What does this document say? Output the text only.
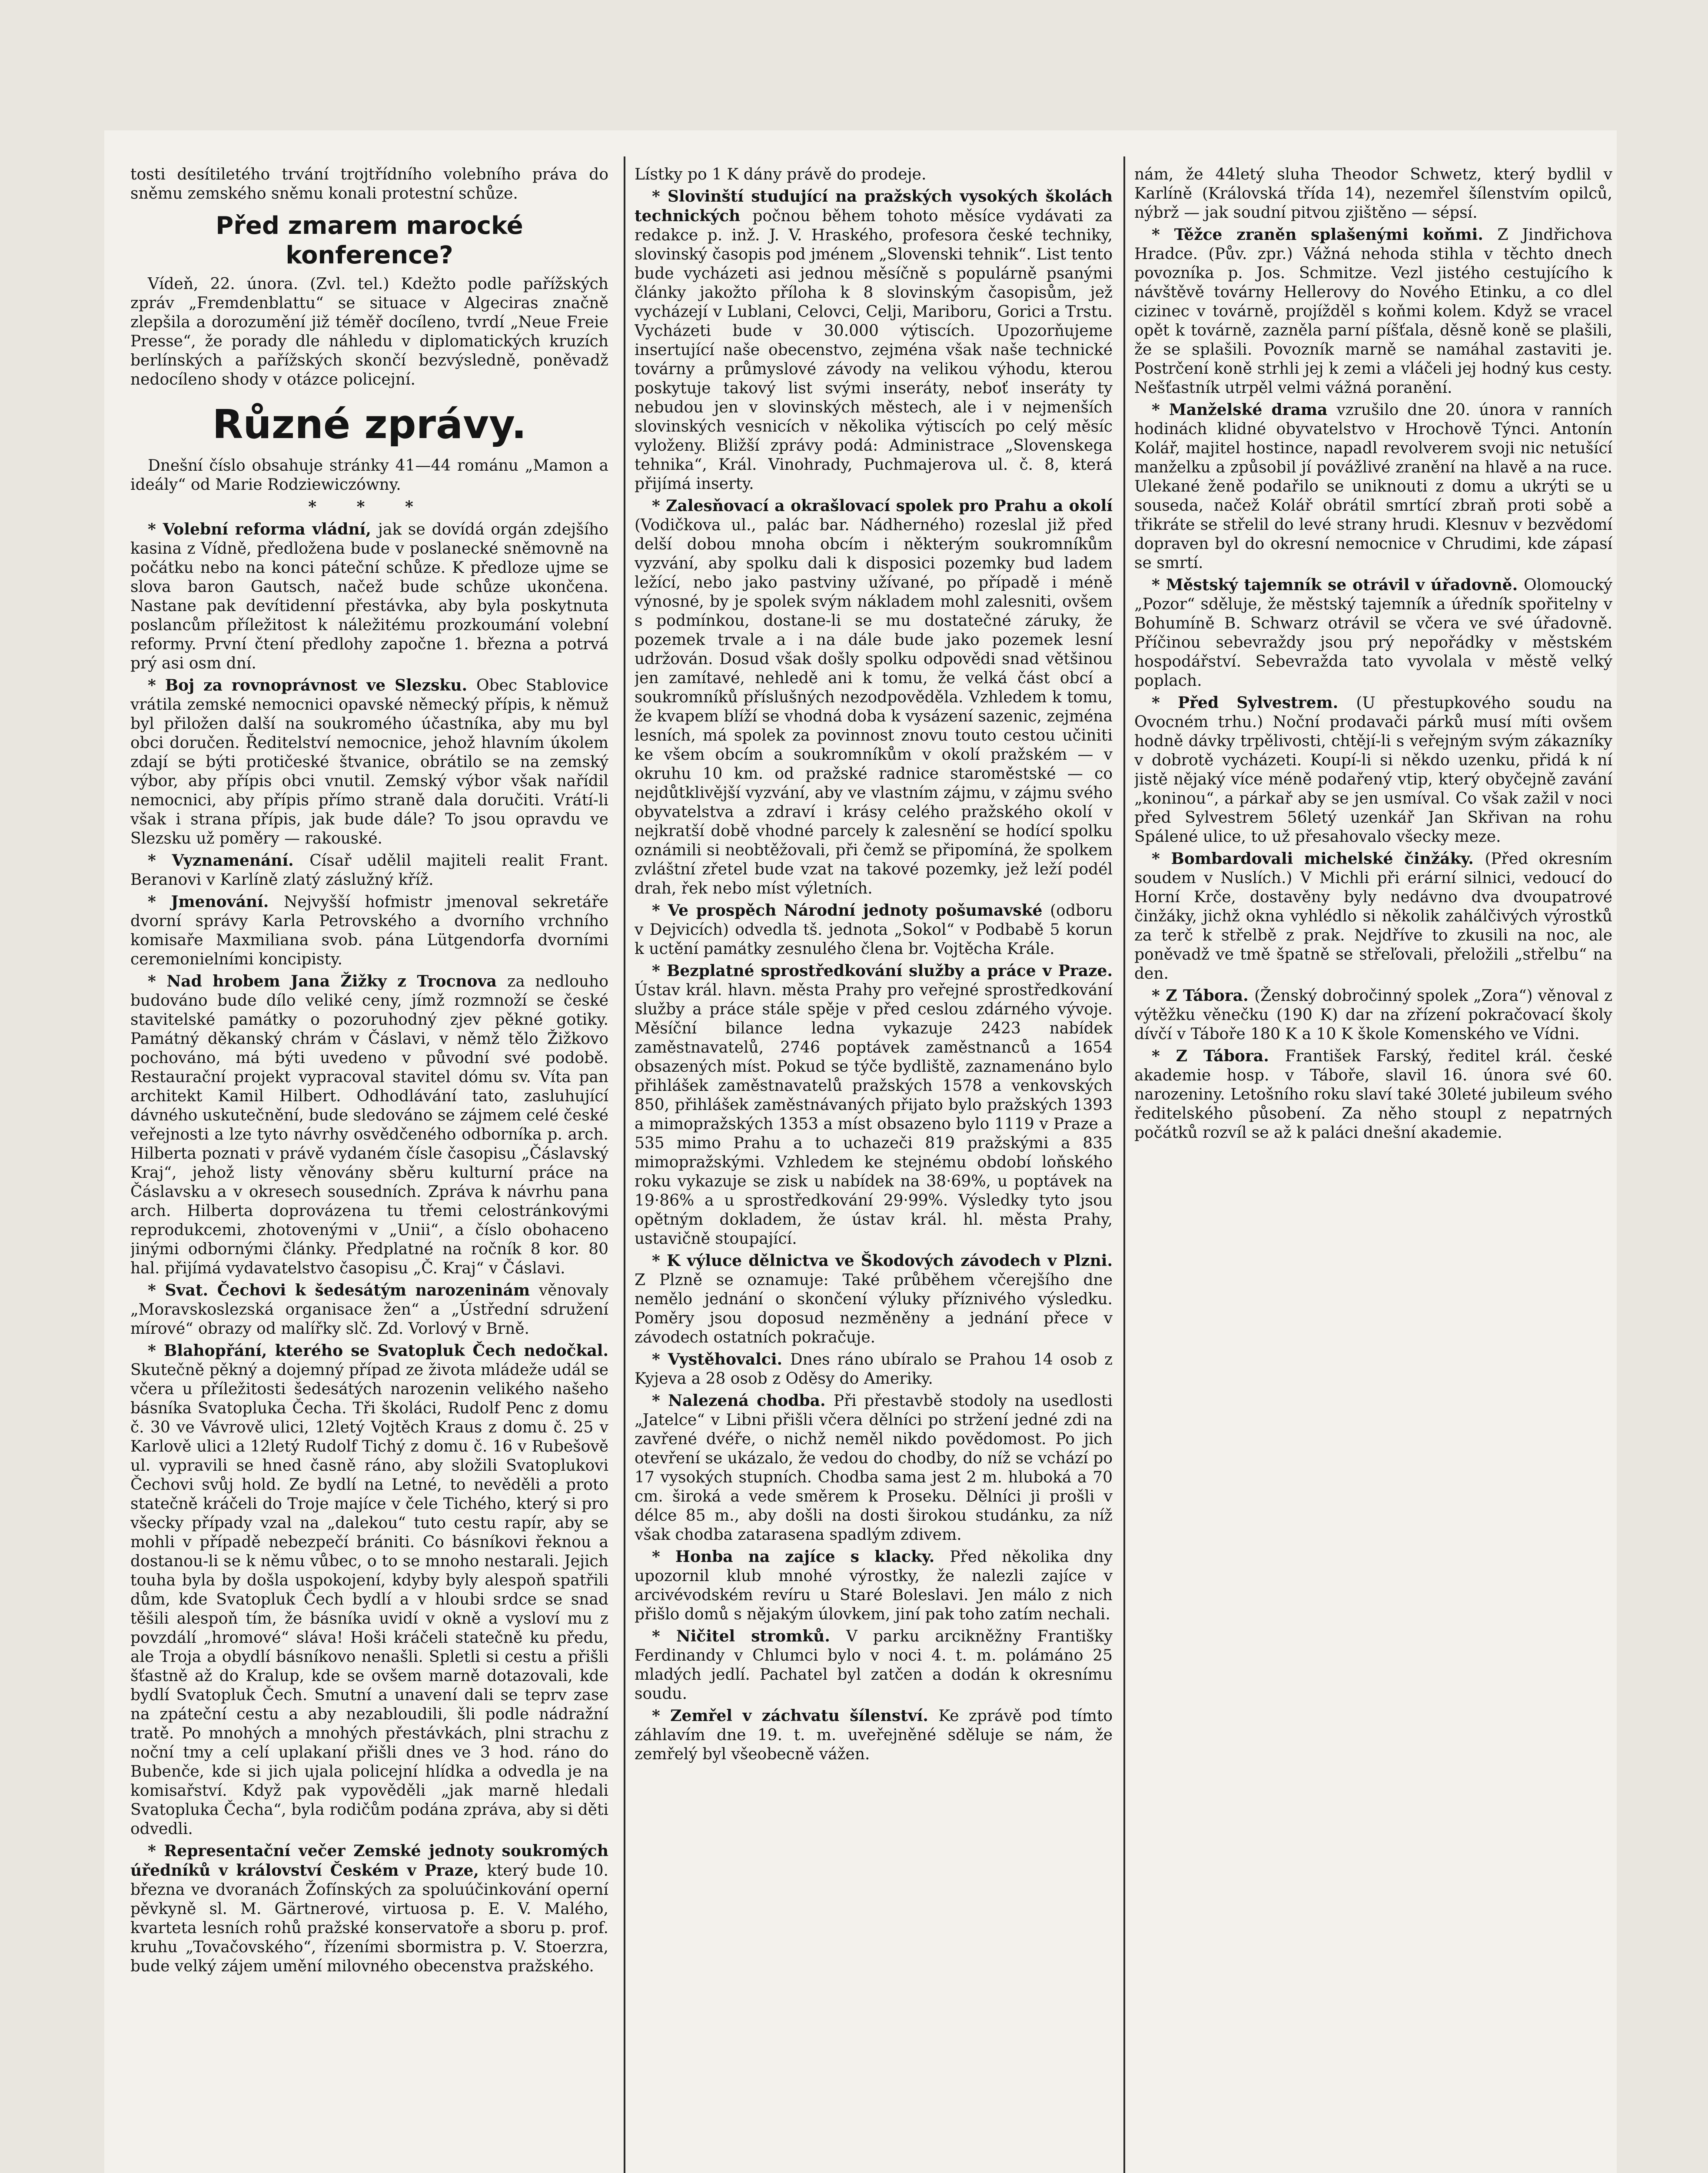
tosti desítiletého trvání trojtřídního volebního práva do sněmu zemského sněmu konali protestní schůze.

Před zmarem marocké konference?

Vídeň, 22. února. (Zvl. tel.) Kdežto podle pařížských zpráv „Fremdenblattu“ se situace v Algeciras značně zlepšila a dorozumění již téměř docíleno, tvrdí „Neue Freie Presse“, že porady dle náhledu v diplomatických kruzích berlínských a pařížských skončí bezvýsledně, poněvadž nedocíleno shody v otázce policejní.

Různé zprávy.

Dnešní číslo obsahuje stránky 41—44 románu „Mamon a ideály“ od Marie Rodziewiczówny.

* * *

* Volební reforma vládní, jak se dovídá orgán zdejšího kasina z Vídně, předložena bude v poslanecké sněmovně na počátku nebo na konci páteční schůze. K předloze ujme se slova baron Gautsch, načež bude schůze ukončena. Nastane pak devítidenní přestávka, aby byla poskytnuta poslancům příležitost k náležitému prozkoumání volební reformy. První čtení předlohy započne 1. března a potrvá prý asi osm dní.

* Boj za rovnoprávnost ve Slezsku. Obec Stablovice vrátila zemské nemocnici opavské německý přípis, k němuž byl přiložen další na soukromého účastníka, aby mu byl obci doručen. Ředitelství nemocnice, jehož hlavním úkolem zdají se býti protičeské štvanice, obrátilo se na zemský výbor, aby přípis obci vnutil. Zemský výbor však nařídil nemocnici, aby přípis přímo straně dala doručiti. Vrátí-li však i strana přípis, jak bude dále? To jsou opravdu ve Slezsku už poměry — rakouské.

* Vyznamenání. Císař udělil majiteli realit Frant. Beranovi v Karlíně zlatý záslužný kříž.

* Jmenování. Nejvyšší hofmistr jmenoval sekretáře dvorní správy Karla Petrovského a dvorního vrchního komisaře Maxmiliana svob. pána Lütgendorfa dvorními ceremonielními koncipisty.

* Nad hrobem Jana Žižky z Trocnova za nedlouho budováno bude dílo veliké ceny, jímž rozmnoží se české stavitelské památky o pozoruhodný zjev pěkné gotiky. Památný děkanský chrám v Čáslavi, v němž tělo Žižkovo pochováno, má býti uvedeno v původní své podobě. Restaurační projekt vypracoval stavitel dómu sv. Víta pan architekt Kamil Hilbert. Odhodlávání tato, zasluhující dávného uskutečnění, bude sledováno se zájmem celé české veřejnosti a lze tyto návrhy osvědčeného odborníka p. arch. Hilberta poznati v právě vydaném čísle časopisu „Čáslavský Kraj“, jehož listy věnovány sběru kulturní práce na Čáslavsku a v okresech sousedních. Zpráva k návrhu pana arch. Hilberta doprovázena tu třemi celostránkovými reprodukcemi, zhotovenými v „Unii“, a číslo obohaceno jinými odbornými články. Předplatné na ročník 8 kor. 80 hal. přijímá vydavatelstvo časopisu „Č. Kraj“ v Čáslavi.

* Svat. Čechovi k šedesátým narozeninám věnovaly „Moravskoslezská organisace žen“ a „Ústřední sdružení mírové“ obrazy od malířky slč. Zd. Vorlový v Brně.

* Blahopřání, kterého se Svatopluk Čech nedočkal. Skutečně pěkný a dojemný případ ze života mládeže udál se včera u příležitosti šedesátých narozenin velikého našeho básníka Svatopluka Čecha. Tři školáci, Rudolf Penc z domu č. 30 ve Vávrově ulici, 12letý Vojtěch Kraus z domu č. 25 v Karlově ulici a 12letý Rudolf Tichý z domu č. 16 v Rubešově ul. vypravili se hned časně ráno, aby složili Svatoplukovi Čechovi svůj hold. Ze bydlí na Letné, to nevěděli a proto statečně kráčeli do Troje majíce v čele Tichého, který si pro všecky případy vzal na „dalekou“ tuto cestu rapír, aby se mohli v případě nebezpečí brániti. Co básníkovi řeknou a dostanou-li se k němu vůbec, o to se mnoho nestarali. Jejich touha byla by došla uspokojení, kdyby byly alespoň spatřili dům, kde Svatopluk Čech bydlí a v hloubi srdce se snad těšili alespoň tím, že básníka uvidí v okně a vysloví mu z povzdálí „hromové“ sláva! Hoši kráčeli statečně ku předu, ale Troja a obydlí básníkovo nenašli. Spletli si cestu a přišli šťastně až do Kralup, kde se ovšem marně dotazovali, kde bydlí Svatopluk Čech. Smutní a unavení dali se teprv zase na zpáteční cestu a aby nezabloudili, šli podle nádražní tratě. Po mnohých a mnohých přestávkách, plni strachu z noční tmy a celí uplakaní přišli dnes ve 3 hod. ráno do Bubenče, kde si jich ujala policejní hlídka a odvedla je na komisařství. Když pak vypověděli „jak marně hledali Svatopluka Čecha“, byla rodičům podána zpráva, aby si děti odvedli.

* Representační večer Zemské jednoty soukromých úředníků v království Českém v Praze, který bude 10. března ve dvoranách Žofínských za spoluúčinkování operní pěvkyně sl. M. Gärtnerové, virtuosa p. E. V. Malého, kvarteta lesních rohů pražské konservatoře a sboru p. prof. kruhu „Tovačovského“, řízeními sbormistra p. V. Stoerzra, bude velký zájem umění milovného obecenstva pražského.

Lístky po 1 K dány právě do prodeje.

* Slovinští studující na pražských vysokých školách technických počnou během tohoto měsíce vydávati za redakce p. inž. J. V. Hraského, profesora české techniky, slovinský časopis pod jménem „Slovenski tehnik“. List tento bude vycházeti asi jednou měsíčně s populárně psanými články jakožto příloha k 8 slovinským časopisům, jež vycházejí v Lublani, Celovci, Celji, Mariboru, Gorici a Trstu. Vycházeti bude v 30.000 výtiscích. Upozorňujeme insertující naše obecenstvo, zejména však naše technické továrny a průmyslové závody na velikou výhodu, kterou poskytuje takový list svými inseráty, neboť inseráty ty nebudou jen v slovinských městech, ale i v nejmenších slovinských vesnicích v několika výtiscích po celý měsíc vyloženy. Bližší zprávy podá: Administrace „Slovenskega tehnika“, Král. Vinohrady, Puchmajerova ul. č. 8, která přijímá inserty.

* Zalesňovací a okrašlovací spolek pro Prahu a okolí (Vodičkova ul., palác bar. Nádherného) rozeslal již před delší dobou mnoha obcím i některým soukromníkům vyzvání, aby spolku dali k disposici pozemky bud ladem ležící, nebo jako pastviny užívané, po případě i méně výnosné, by je spolek svým nákladem mohl zalesniti, ovšem s podmínkou, dostane-li se mu dostatečné záruky, že pozemek trvale a i na dále bude jako pozemek lesní udržován. Dosud však došly spolku odpovědi snad většinou jen zamítavé, nehledě ani k tomu, že velká část obcí a soukromníků příslušných nezodpověděla. Vzhledem k tomu, že kvapem blíží se vhodná doba k vysázení sazenic, zejména lesních, má spolek za povinnost znovu touto cestou učiniti ke všem obcím a soukromníkům v okolí pražském — v okruhu 10 km. od pražské radnice staroměstské — co nejdůtklivější vyzvání, aby ve vlastním zájmu, v zájmu svého obyvatelstva a zdraví i krásy celého pražského okolí v nejkratší době vhodné parcely k zalesnění se hodící spolku oznámili si neobtěžovali, při čemž se připomíná, že spolkem zvláštní zřetel bude vzat na takové pozemky, jež leží podél drah, řek nebo míst výletních.

* Ve prospěch Národní jednoty pošumavské (odboru v Dejvicích) odvedla tš. jednota „Sokol“ v Podbabě 5 korun k uctění památky zesnulého člena br. Vojtěcha Krále.

* Bezplatné sprostředkování služby a práce v Praze. Ústav král. hlavn. města Prahy pro veřejné sprostředkování služby a práce stále spěje v před ceslou zdárného vývoje. Měsíční bilance ledna vykazuje 2423 nabídek zaměstnavatelů, 2746 poptávek zaměstnanců a 1654 obsazených míst. Pokud se týče bydliště, zaznamenáno bylo přihlášek zaměstnavatelů pražských 1578 a venkovských 850, přihlášek zaměstnávaných přijato bylo pražských 1393 a mimopražských 1353 a míst obsazeno bylo 1119 v Praze a 535 mimo Prahu a to uchazeči 819 pražskými a 835 mimopražskými. Vzhledem ke stejnému období loňského roku vykazuje se zisk u nabídek na 38·69%, u poptávek na 19·86% a u sprostředkování 29·99%. Výsledky tyto jsou opětným dokladem, že ústav král. hl. města Prahy, ustavičně stoupající.

* K výluce dělnictva ve Škodových závodech v Plzni. Z Plzně se oznamuje: Také průběhem včerejšího dne nemělo jednání o skončení výluky příznivého výsledku. Poměry jsou doposud nezměněny a jednání přece v závodech ostatních pokračuje.

* Vystěhovalci. Dnes ráno ubíralo se Prahou 14 osob z Kyjeva a 28 osob z Oděsy do Ameriky.

* Nalezená chodba. Při přestavbě stodoly na usedlosti „Jatelce“ v Libni přišli včera dělníci po stržení jedné zdi na zavřené dvéře, o nichž neměl nikdo povědomost. Po jich otevření se ukázalo, že vedou do chodby, do níž se vchází po 17 vysokých stupních. Chodba sama jest 2 m. hluboká a 70 cm. široká a vede směrem k Proseku. Dělníci ji prošli v délce 85 m., aby došli na dosti širokou studánku, za níž však chodba zatarasena spadlým zdivem.

* Honba na zajíce s klacky. Před několika dny upozornil klub mnohé výrostky, že nalezli zajíce v arcivévodském revíru u Staré Boleslavi. Jen málo z nich přišlo domů s nějakým úlovkem, jiní pak toho zatím nechali.

* Ničitel stromků. V parku arcikněžny Františky Ferdinandy v Chlumci bylo v noci 4. t. m. polámáno 25 mladých jedlí. Pachatel byl zatčen a dodán k okresnímu soudu.

* Zemřel v záchvatu šílenství. Ke zprávě pod tímto záhlavím dne 19. t. m. uveřejněné sděluje se nám, že zemřelý byl všeobecně vážen.

nám, že 44letý sluha Theodor Schwetz, který bydlil v Karlíně (Královská třída 14), nezemřel šílenstvím opilců, nýbrž — jak soudní pitvou zjištěno — sépsí.

* Těžce zraněn splašenými koňmi. Z Jindřichova Hradce. (Pův. zpr.) Vážná nehoda stihla v těchto dnech povozníka p. Jos. Schmitze. Vezl jistého cestujícího k návštěvě továrny Hellerovy do Nového Etinku, a co dlel cizinec v továrně, projížděl s koňmi kolem. Když se vracel opět k továrně, zazněla parní píšťala, děsně koně se plašili, že se splašili. Povozník marně se namáhal zastaviti je. Postrčení koně strhli jej k zemi a vláčeli jej hodný kus cesty. Nešťastník utrpěl velmi vážná poranění.

* Manželské drama vzrušilo dne 20. února v ranních hodinách klidné obyvatelstvo v Hrochově Týnci. Antonín Kolář, majitel hostince, napadl revolverem svoji nic netušící manželku a způsobil jí povážlivé zranění na hlavě a na ruce. Ulekané ženě podařilo se uniknouti z domu a ukrýti se u souseda, načež Kolář obrátil smrtící zbraň proti sobě a třikráte se střelil do levé strany hrudi. Klesnuv v bezvědomí dopraven byl do okresní nemocnice v Chrudimi, kde zápasí se smrtí.

* Městský tajemník se otrávil v úřadovně. Olomoucký „Pozor“ sděluje, že městský tajemník a úředník spořitelny v Bohumíně B. Schwarz otrávil se včera ve své úřadovně. Příčinou sebevraždy jsou prý nepořádky v městském hospodářství. Sebevražda tato vyvolala v městě velký poplach.

* Před Sylvestrem. (U přestupkového soudu na Ovocném trhu.) Noční prodavači párků musí míti ovšem hodně dávky trpělivosti, chtějí-li s veřejným svým zákazníky v dobrotě vycházeti. Koupí-li si někdo uzenku, přidá k ní jistě nějaký více méně podařený vtip, který obyčejně zavání „koninou“, a párkař aby se jen usmíval. Co však zažil v noci před Sylvestrem 56letý uzenkář Jan Skřivan na rohu Spálené ulice, to už přesahovalo všecky meze.

* Bombardovali michelské činžáky. (Před okresním soudem v Nuslích.) V Michli při erární silnici, vedoucí do Horní Krče, dostavěny byly nedávno dva dvoupatrové činžáky, jichž okna vyhlédlo si několik zahálčivých výrostků za terč k střelbě z prak. Nejdříve to zkusili na noc, ale poněvadž ve tmě špatně se střeľovali, přeložili „střelbu“ na den.

* Z Tábora. (Ženský dobročinný spolek „Zora“) věnoval z výtěžku věnečku (190 K) dar na zřízení pokračovací školy dívčí v Táboře 180 K a 10 K škole Komenského ve Vídni.

* Z Tábora. František Farský, ředitel král. české akademie hosp. v Táboře, slavil 16. února své 60. narozeniny. Letošního roku slaví také 30leté jubileum svého ředitelského působení. Za něho stoupl z nepatrných počátků rozvíl se až k paláci dnešní akademie.
